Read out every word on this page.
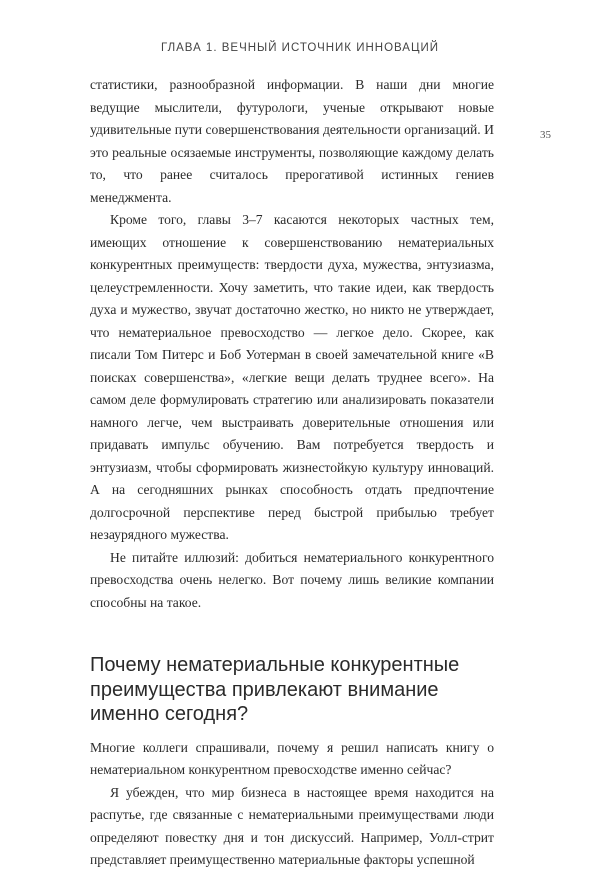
ГЛАВА 1. ВЕЧНЫЙ ИСТОЧНИК ИННОВАЦИЙ
35

статистики, разнообразной информации. В наши дни многие ведущие мыслители, футурологи, ученые открывают новые удивительные пути совершенствования деятельности организаций. И это реальные осязаемые инструменты, позволяющие каждому делать то, что ранее считалось прерогативой истинных гениев менеджмента.

Кроме того, главы 3–7 касаются некоторых частных тем, имеющих отношение к совершенствованию нематериальных конкурентных преимуществ: твердости духа, мужества, энтузиазма, целеустремленности. Хочу заметить, что такие идеи, как твердость духа и мужество, звучат достаточно жестко, но никто не утверждает, что нематериальное превосходство — легкое дело. Скорее, как писали Том Питерс и Боб Уотерман в своей замечательной книге «В поисках совершенства», «легкие вещи делать труднее всего». На самом деле формулировать стратегию или анализировать показатели намного легче, чем выстраивать доверительные отношения или придавать импульс обучению. Вам потребуется твердость и энтузиазм, чтобы сформировать жизнестойкую культуру инноваций. А на сегодняшних рынках способность отдать предпочтение долгосрочной перспективе перед быстрой прибылью требует незаурядного мужества.

Не питайте иллюзий: добиться нематериального конкурентного превосходства очень нелегко. Вот почему лишь великие компании способны на такое.

Почему нематериальные конкурентные преимущества привлекают внимание именно сегодня?

Многие коллеги спрашивали, почему я решил написать книгу о нематериальном конкурентном превосходстве именно сейчас?

Я убежден, что мир бизнеса в настоящее время находится на распутье, где связанные с нематериальными преимуществами люди определяют повестку дня и тон дискуссий. Например, Уолл-стрит представляет преимущественно материальные факторы успешной
